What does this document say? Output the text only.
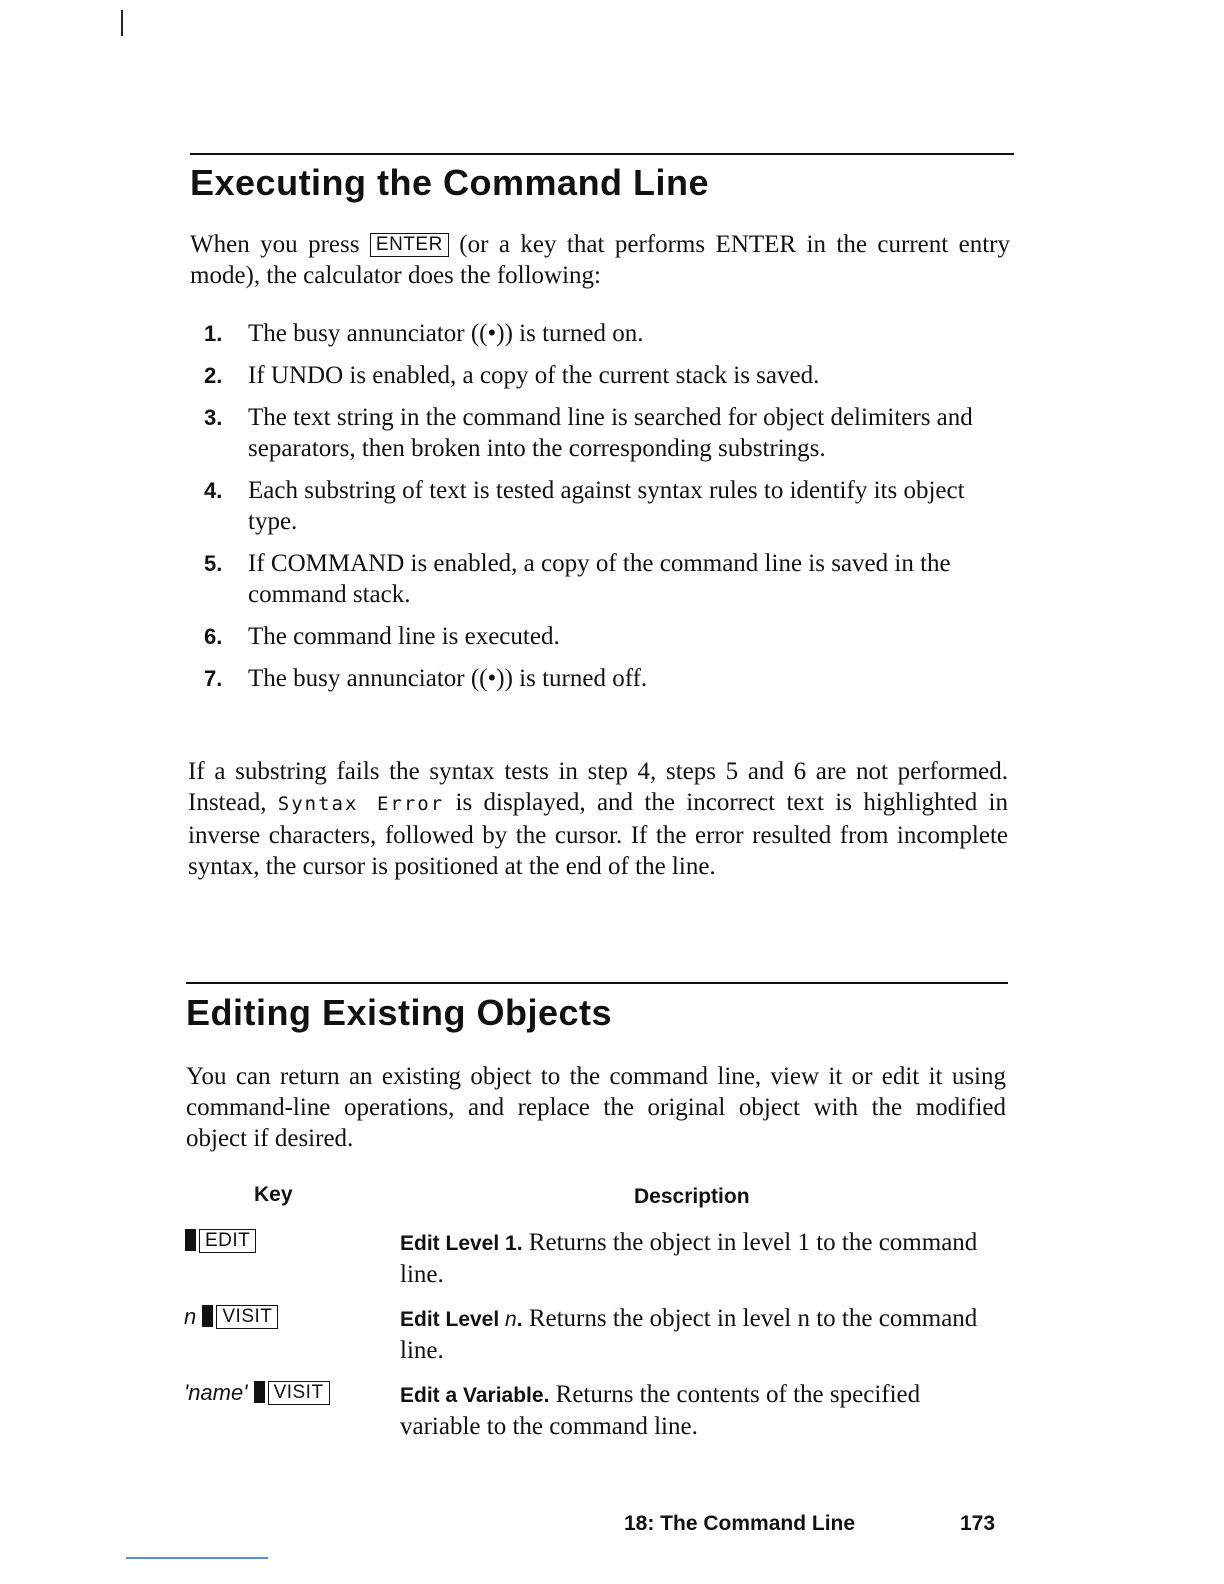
Executing the Command Line

When you press ENTER (or a key that performs ENTER in the current entry mode), the calculator does the following:

1. The busy annunciator ((•)) is turned on.
2. If UNDO is enabled, a copy of the current stack is saved.
3. The text string in the command line is searched for object delimiters and separators, then broken into the corresponding substrings.
4. Each substring of text is tested against syntax rules to identify its object type.
5. If COMMAND is enabled, a copy of the command line is saved in the command stack.
6. The command line is executed.
7. The busy annunciator ((•)) is turned off.

If a substring fails the syntax tests in step 4, steps 5 and 6 are not performed. Instead, Syntax Error is displayed, and the incorrect text is highlighted in inverse characters, followed by the cursor. If the error resulted from incomplete syntax, the cursor is positioned at the end of the line.

Editing Existing Objects

You can return an existing object to the command line, view it or edit it using command-line operations, and replace the original object with the modified object if desired.

Key	Description
EDIT	Edit Level 1. Returns the object in level 1 to the command line.
n VISIT	Edit Level n. Returns the object in level n to the command line.
'name' VISIT	Edit a Variable. Returns the contents of the specified variable to the command line.
18: The Command Line	173
